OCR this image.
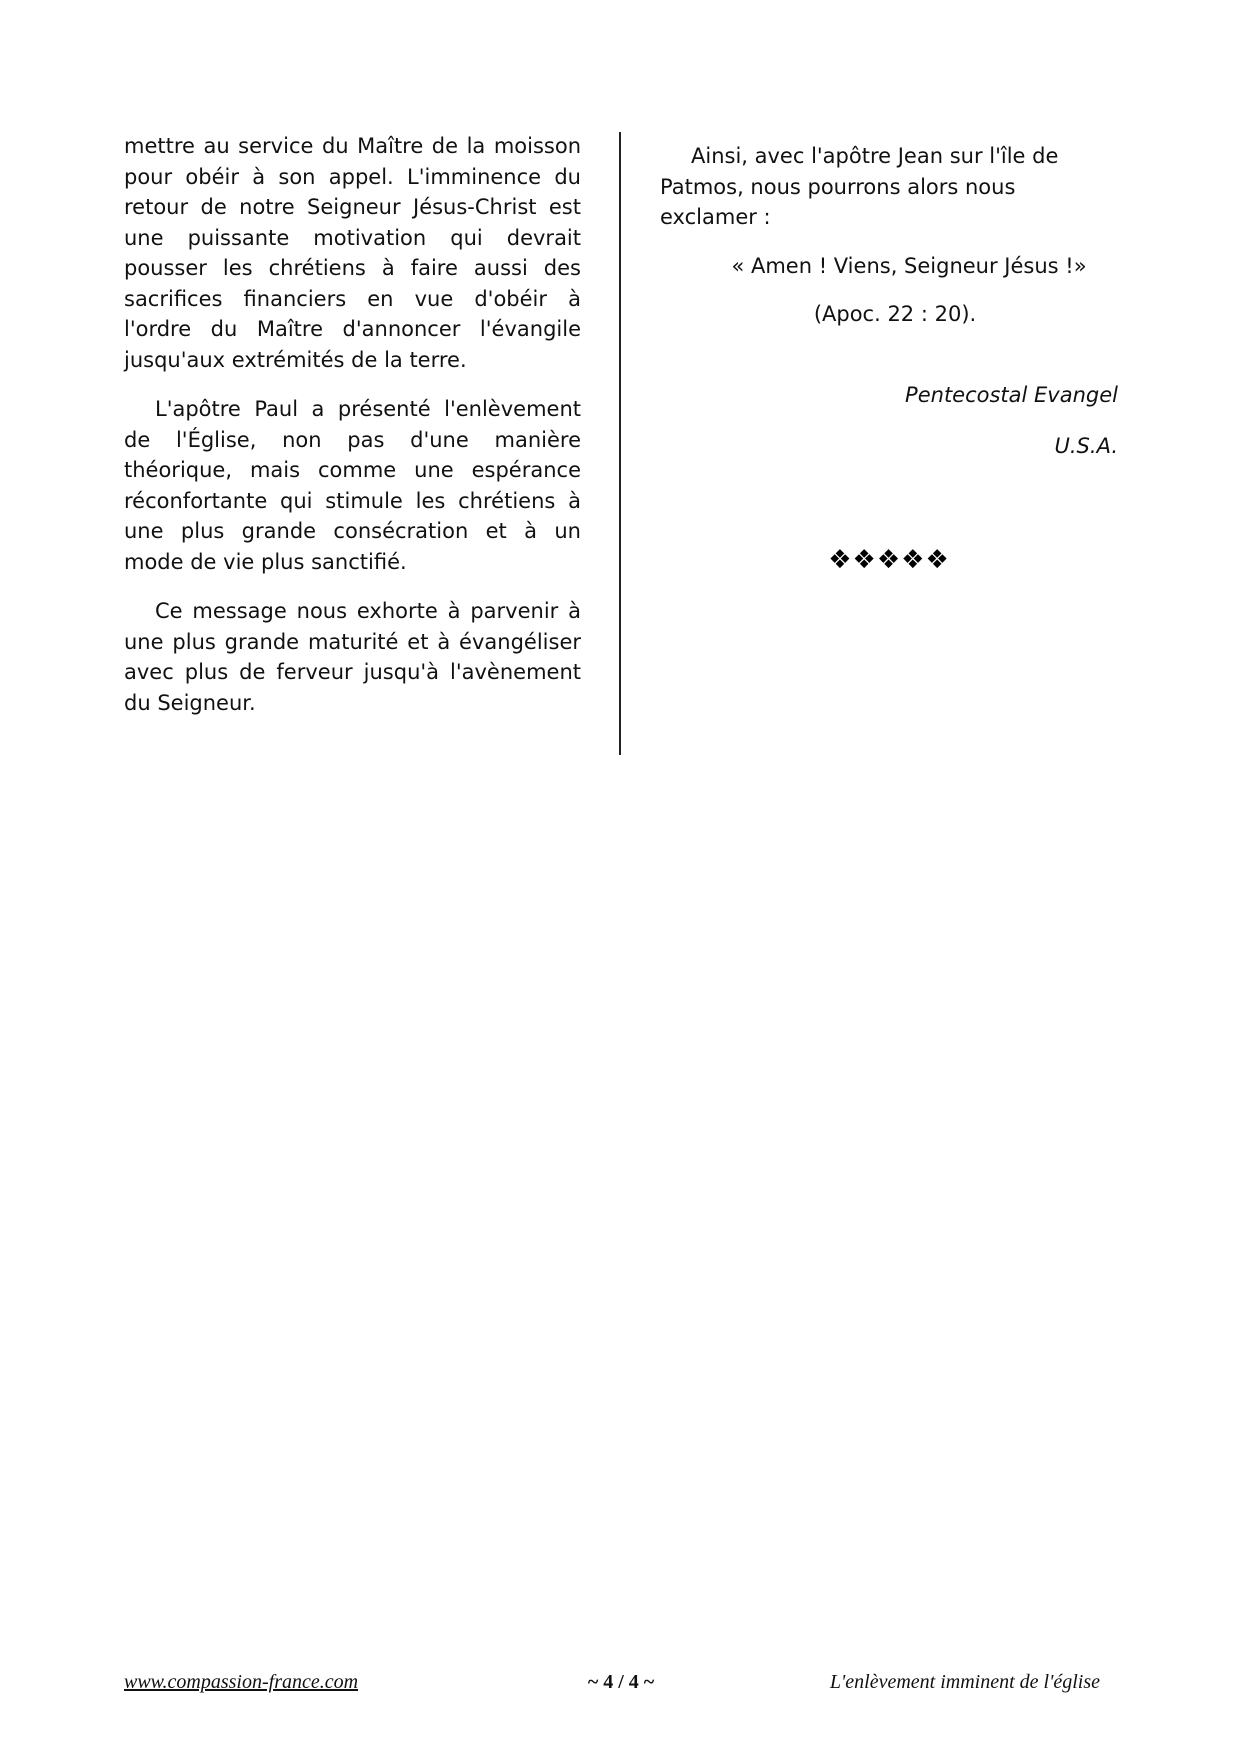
mettre au service du Maître de la moisson pour obéir à son appel. L'imminence du retour de notre Seigneur Jésus-Christ est une puissante motivation qui devrait pousser les chrétiens à faire aussi des sacrifices financiers en vue d'obéir à l'ordre du Maître d'annoncer l'évangile jusqu'aux extrémités de la terre.

L'apôtre Paul a présenté l'enlèvement de l'Église, non pas d'une manière théorique, mais comme une espérance réconfortante qui stimule les chrétiens à une plus grande consécration et à un mode de vie plus sanctifié.

Ce message nous exhorte à parvenir à une plus grande maturité et à évangéliser avec plus de ferveur jusqu'à l'avènement du Seigneur.

Ainsi, avec l'apôtre Jean sur l'île de Patmos, nous pourrons alors nous exclamer :

« Amen ! Viens, Seigneur Jésus !»

(Apoc. 22 : 20).

Pentecostal Evangel

U.S.A.

❖❖❖❖❖
www.compassion-france.com	~ 4 / 4 ~	L'enlèvement imminent de l'église
